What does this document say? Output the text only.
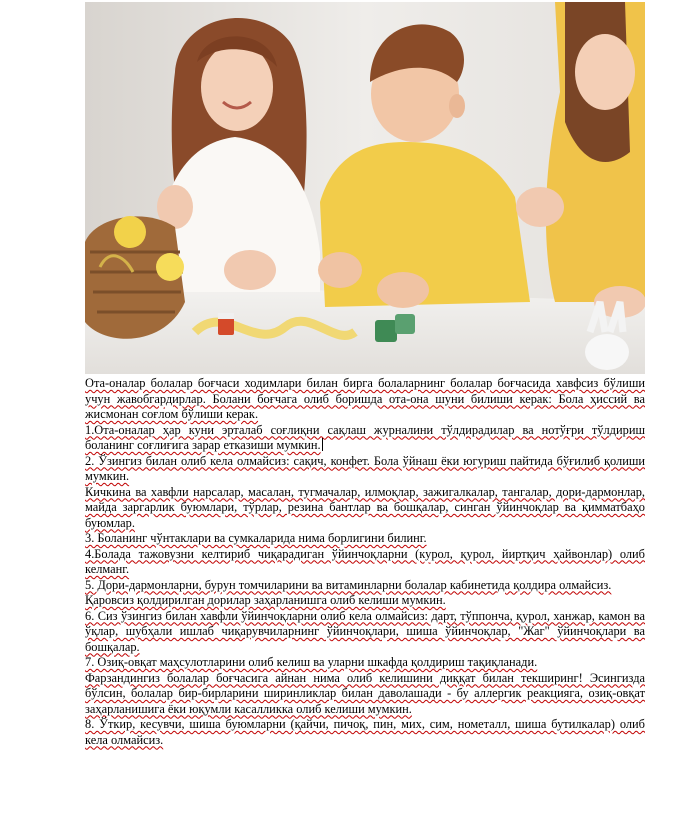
Ота-оналар болалар боғчаси ходимлари билан бирга болаларнинг болалар боғчасида хавфсиз бўлиши учун жавобгардирлар. Болани боғчага олиб боришда ота-она шуни билиши керак: Бола ҳиссий ва жисмонан соғлом бўлиши керак.

1.Ота-оналар ҳар куни эрталаб соғлиқни сақлаш журналини тўлдирадилар ва нотўғри тўлдириш боланинг соғлиғига зарар етказиши мумкин.

2. Ўзингиз билан олиб кела олмайсиз: сақич, конфет. Бола ўйнаш ёки югуриш пайтида бўғилиб қолиши мумкин.

Кичкина ва хавфли нарсалар, масалан, тугмачалар, илмоқлар, зажигалкалар, тангалар, дори-дармонлар, майда заргарлик буюмлари, тўрлар, резина бантлар ва бошқалар, синган ўйинчоқлар ва қимматбаҳо буюмлар.

3. Боланинг чўнтаклари ва сумкаларида нима борлигини билинг.

4.Болада тажовузни келтириб чиқарадиган ўйинчоқларни (курол, қурол, йиртқич ҳайвонлар) олиб келманг.

5. Дори-дармонларни, бурун томчиларини ва витаминларни болалар кабинетида қолдира олмайсиз.

Қаровсиз қолдирилган дорилар заҳарланишга олиб келиши мумкин.

6. Сиз ўзингиз билан хавфли ўйинчоқларни олиб кела олмайсиз: дарт, тўппонча, қурол, ханжар, камон ва ўқлар, шубҳали ишлаб чиқарувчиларнинг ўйинчоқлари, шиша ўйинчоқлар, "Жаг" ўйинчоқлари ва бошқалар.

7. Озиқ-овқат маҳсулотларини олиб келиш ва уларни шкафда қолдириш тақиқланади.

Фарзандингиз болалар боғчасига айнан нима олиб келишини диққат билан текширинг! Эсингизда бўлсин, болалар бир-бирларини ширинликлар билан даволашади - бу аллергик реакцияга, озиқ-овқат заҳарланишига ёки юқумли касалликка олиб келиши мумкин.

8. Ўткир, кесувчи, шиша буюмларни (қайчи, пичоқ, пин, мих, сим, нометалл, шиша бутилкалар) олиб кела олмайсиз.
